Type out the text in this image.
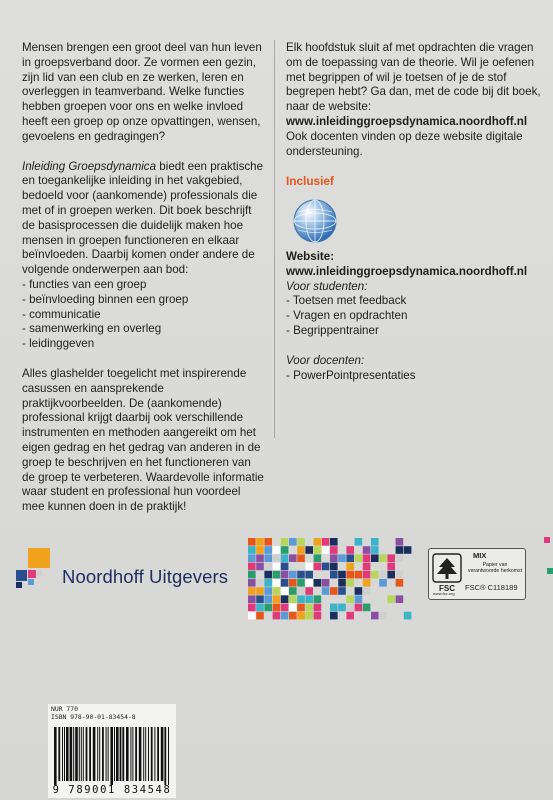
Mensen brengen een groot deel van hun leven in groepsverband door. Ze vormen een gezin, zijn lid van een club en ze werken, leren en overleggen in teamverband. Welke functies hebben groepen voor ons en welke invloed heeft een groep op onze opvattingen, wensen, gevoelens en gedragingen?

Inleiding Groepsdynamica biedt een praktische en toegankelijke inleiding in het vakgebied, bedoeld voor (aankomende) professionals die met of in groepen werken. Dit boek beschrijft de basisprocessen die duidelijk maken hoe mensen in groepen functioneren en elkaar beïnvloeden. Daarbij komen onder andere de volgende onderwerpen aan bod:

- functies van een groep
- beïnvloeding binnen een groep
- communicatie
- samenwerking en overleg
- leidinggeven

Alles glashelder toegelicht met inspirerende casussen en aansprekende praktijkvoorbeelden. De (aankomende) professional krijgt daarbij ook verschillende instrumenten en methoden aangereikt om het eigen gedrag en het gedrag van anderen in de groep te beschrijven en het functioneren van de groep te verbeteren. Waardevolle informatie waar student en professional hun voordeel mee kunnen doen in de praktijk!

Elk hoofdstuk sluit af met opdrachten die vragen om de toepassing van de theorie. Wil je oefenen met begrippen of wil je toetsen of je de stof begrepen hebt? Ga dan, met de code bij dit boek, naar de website:

www.inleidinggroepsdynamica.noordhoff.nl

Ook docenten vinden op deze website digitale ondersteuning.

Inclusief

Website:

www.inleidinggroepsdynamica.noordhoff.nl

Voor studenten:

- Toetsen met feedback

- Vragen en opdrachten

- Begrippentrainer

Voor docenten:

- PowerPointpresentaties

Noordhoff Uitgevers
FSC
www.fsc.org
MIX
Papier van verantwoorde herkomst
FSC® C118189
NUR 770
ISBN 978-90-01-83454-8
9 789001 834548
